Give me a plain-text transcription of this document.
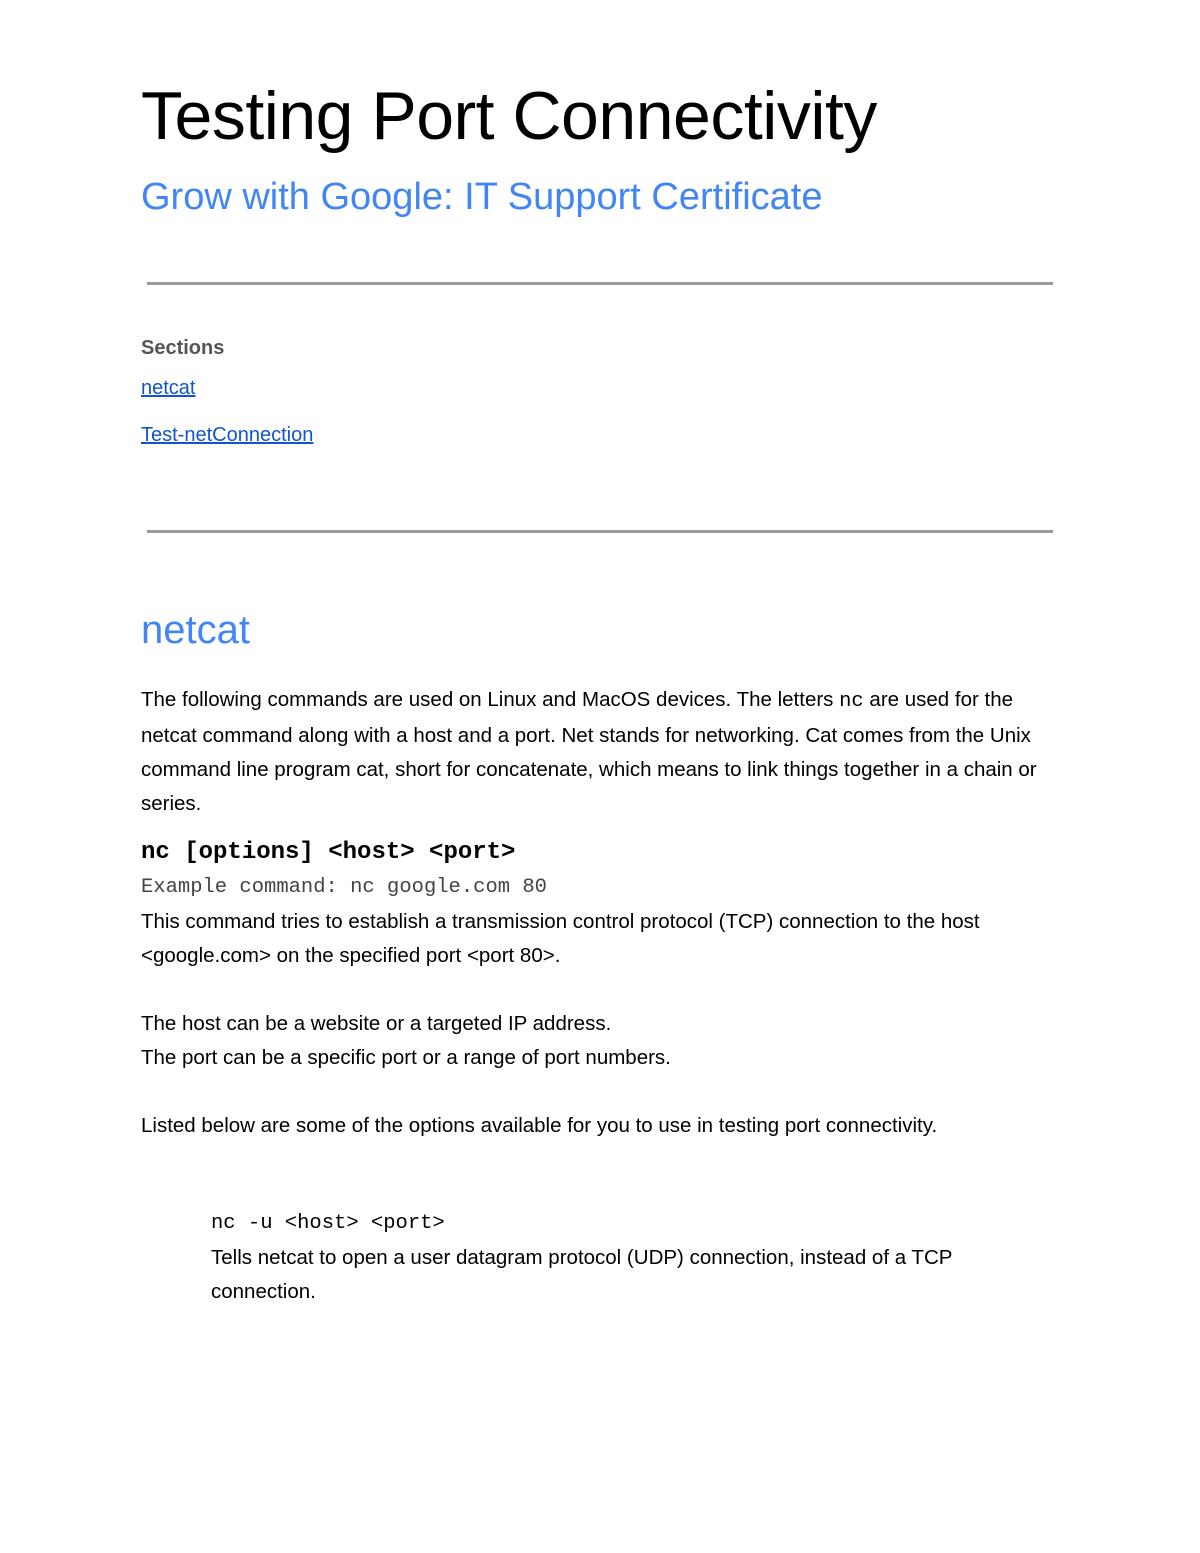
Testing Port Connectivity
Grow with Google: IT Support Certificate
Sections
netcat
Test-netConnection
netcat

The following commands are used on Linux and MacOS devices. The letters nc are used for the netcat command along with a host and a port. Net stands for networking. Cat comes from the Unix command line program cat, short for concatenate, which means to link things together in a chain or series.

nc [options] <host> <port>
Example command: nc google.com 80

This command tries to establish a transmission control protocol (TCP) connection to the host <google.com> on the specified port <port 80>.

The host can be a website or a targeted IP address.

The port can be a specific port or a range of port numbers.

Listed below are some of the options available for you to use in testing port connectivity.

nc -u <host> <port>

Tells netcat to open a user datagram protocol (UDP) connection, instead of a TCP connection.
